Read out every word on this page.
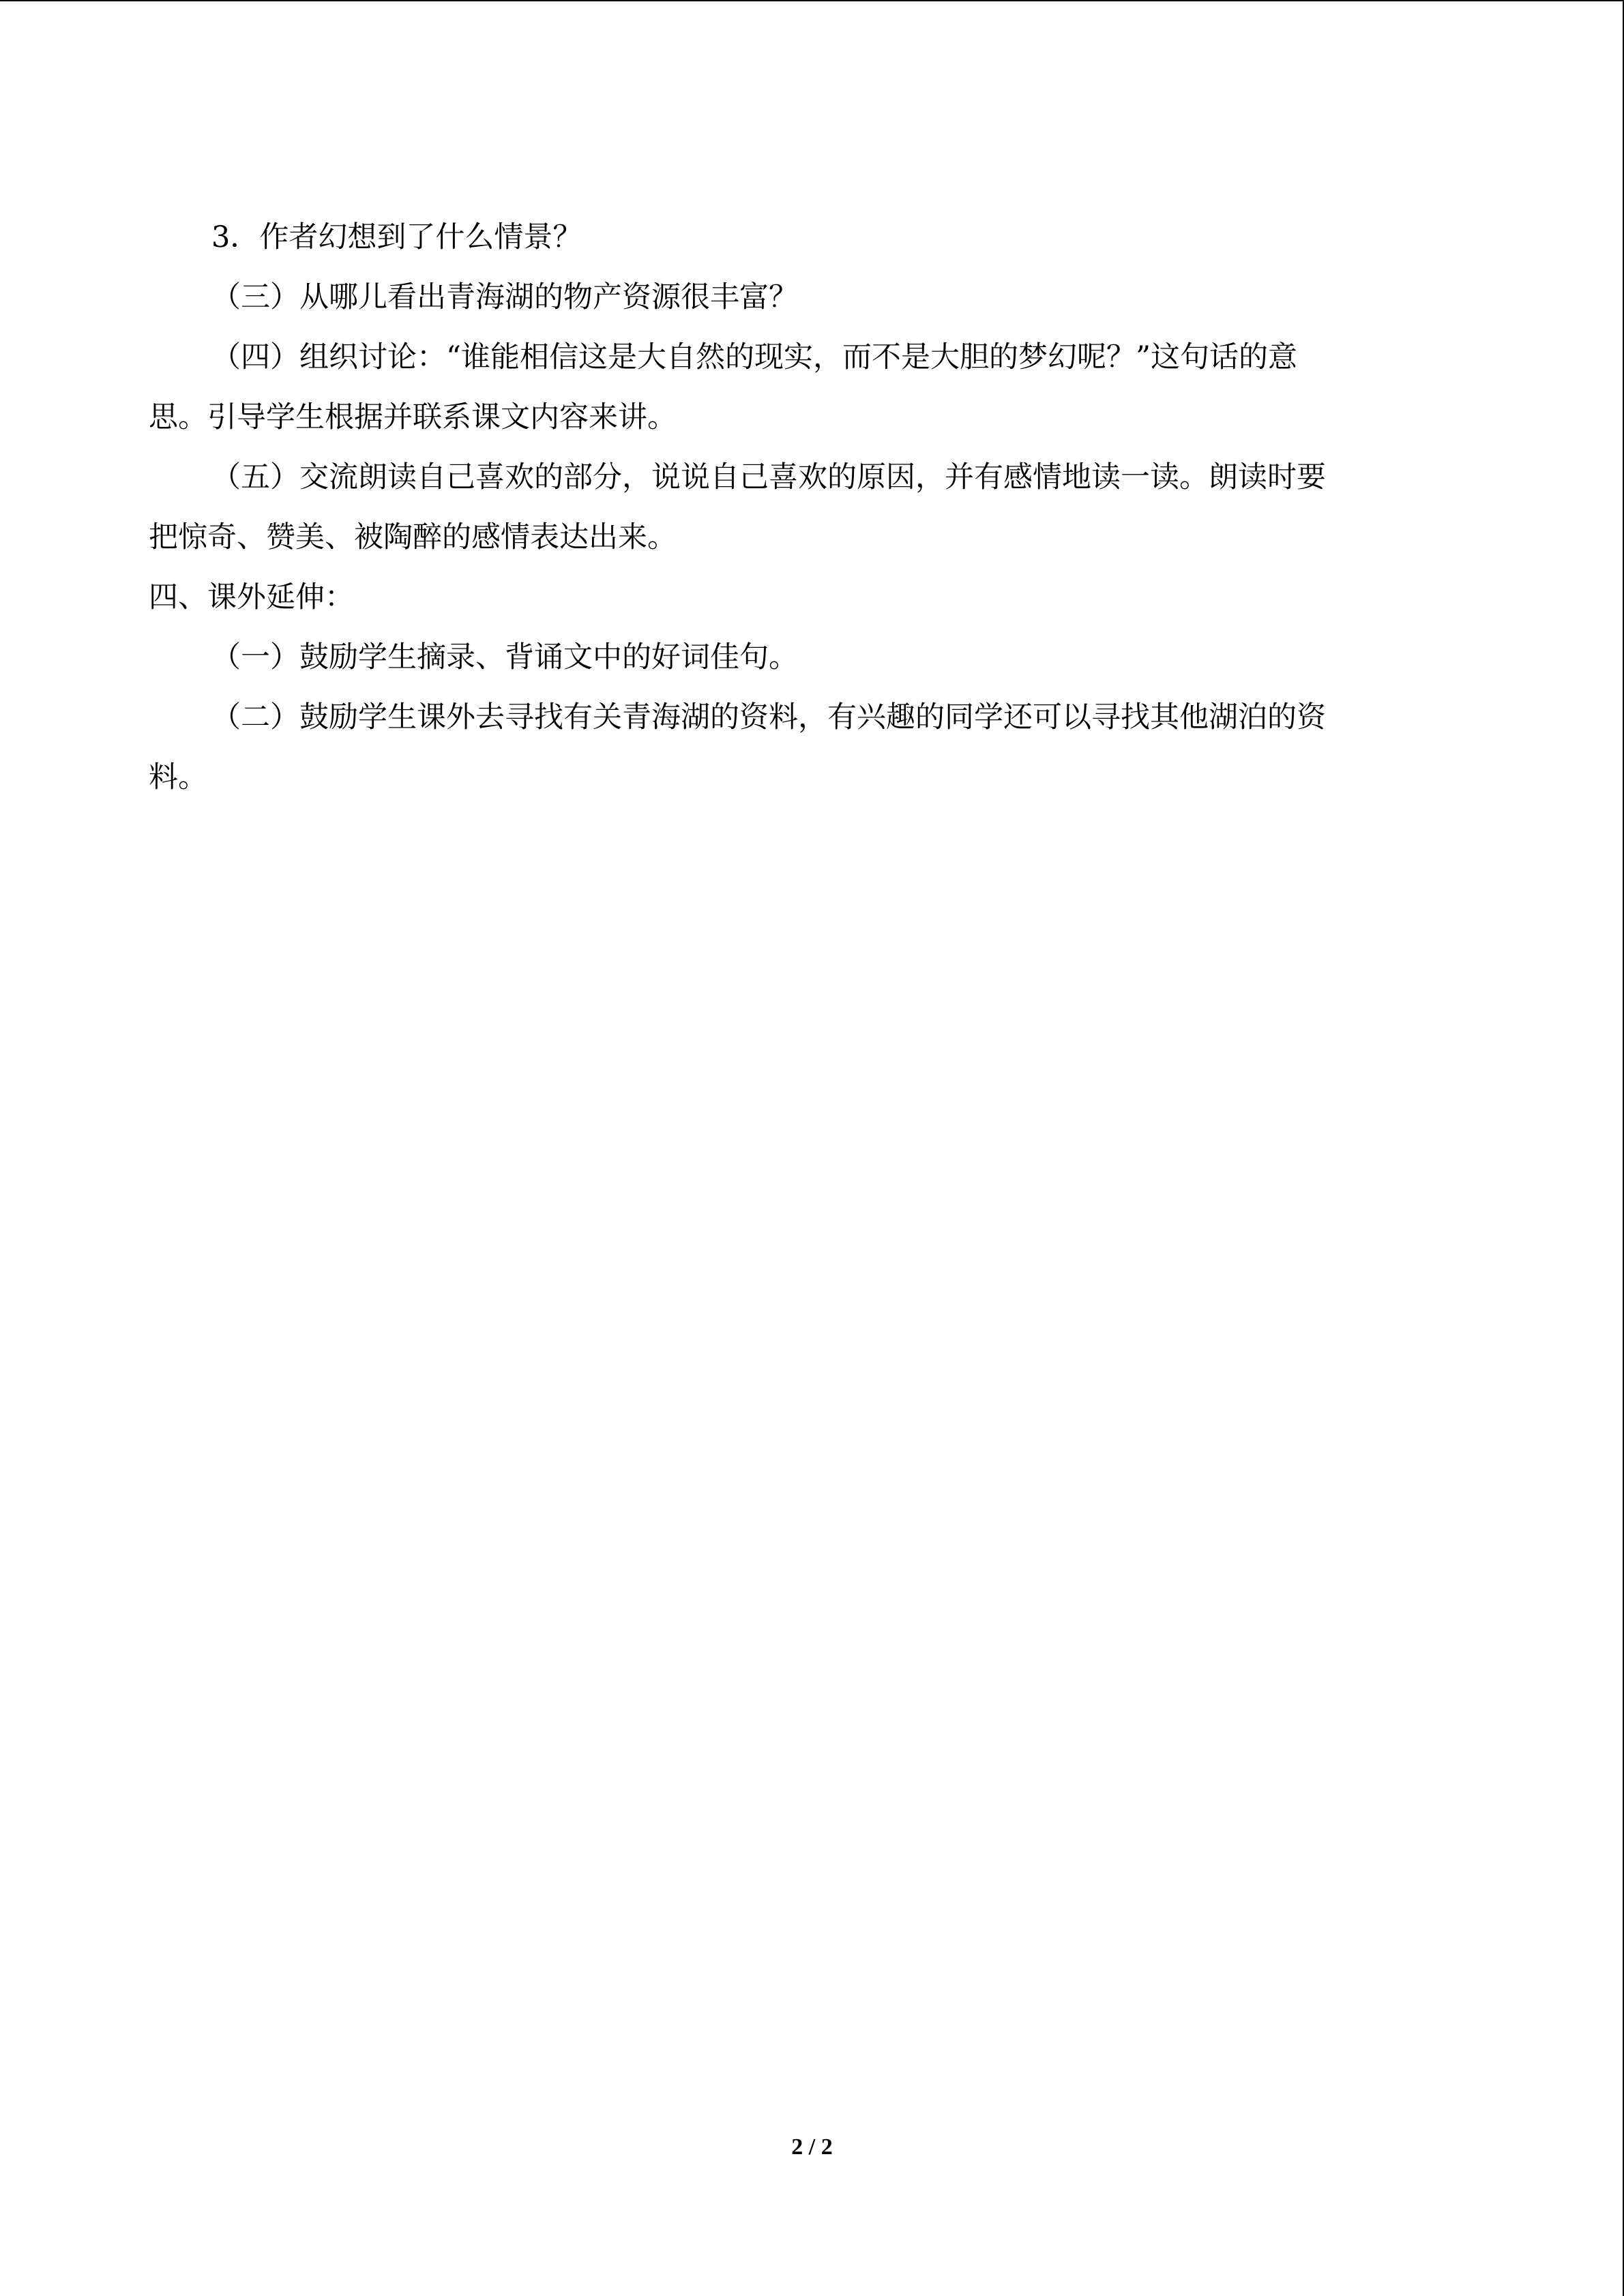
3．作者幻想到了什么情景？
（三）从哪儿看出青海湖的物产资源很丰富？
（四）组织讨论：“谁能相信这是大自然的现实，而不是大胆的梦幻呢？”这句话的意
思。引导学生根据并联系课文内容来讲。
（五）交流朗读自己喜欢的部分，说说自己喜欢的原因，并有感情地读一读。朗读时要
把惊奇、赞美、被陶醉的感情表达出来。
四、课外延伸：
（一）鼓励学生摘录、背诵文中的好词佳句。
（二）鼓励学生课外去寻找有关青海湖的资料，有兴趣的同学还可以寻找其他湖泊的资
料。
2 / 2
